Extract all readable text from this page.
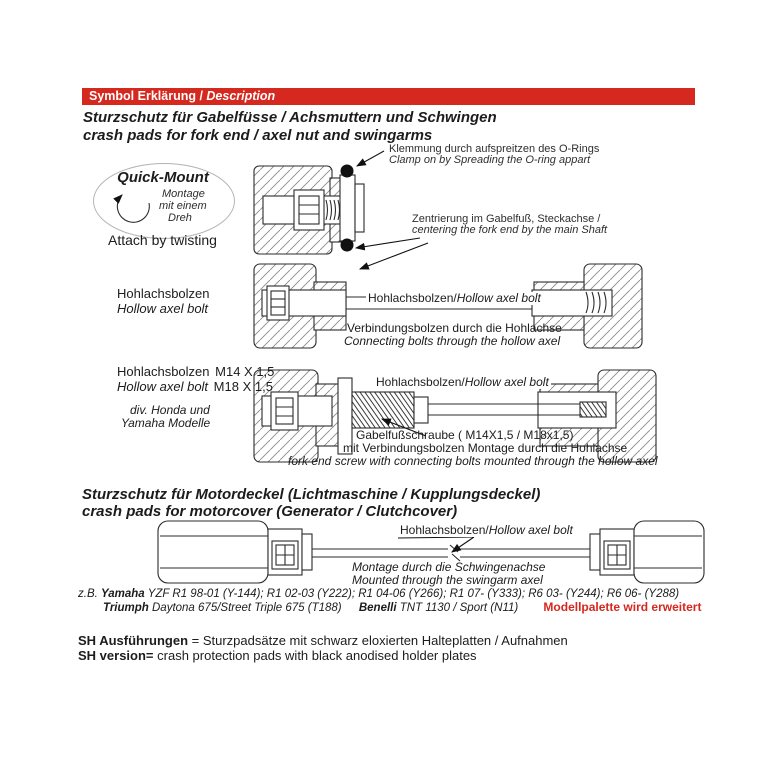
Symbol Erklärung / Description
Sturzschutz für Gabelfüsse / Achsmuttern und Schwingen
crash pads for fork end / axel nut and swingarms
Quick-Mount
Montage
mit einem
Dreh
Attach by twisting
Klemmung durch aufspreitzen des O-Rings
Clamp on by Spreading the O-ring appart
Zentrierung im Gabelfuß, Steckachse /
centering the fork end by the main Shaft
Hohlachsbolzen
Hollow axel bolt
Hohlachsbolzen/Hollow axel bolt
Verbindungsbolzen durch die Hohlachse
Connecting bolts through the hollow axel
Hohlachsbolzen M14 X 1,5
Hollow axel bolt M18 X 1,5
div. Honda und
Yamaha Modelle
Hohlachsbolzen/Hollow axel bolt
Gabelfußschraube ( M14X1,5 / M18x1,5)
mit Verbindungsbolzen Montage durch die Hohlachse
fork end screw with connecting bolts mounted through the hollow axel
Sturzschutz für Motordeckel (Lichtmaschine / Kupplungsdeckel)
crash pads for motorcover (Generator / Clutchcover)
Hohlachsbolzen/Hollow axel bolt
Montage durch die Schwingenachse
Mounted through the swingarm axel
z.B. Yamaha YZF R1 98-01 (Y-144); R1 02-03 (Y222); R1 04-06 (Y266); R1 07- (Y333); R6 03- (Y244); R6 06- (Y288)
Triumph Daytona 675/Street Triple 675 (T188) Benelli TNT 1130 / Sport (N11) Modellpalette wird erweitert
SH Ausführungen = Sturzpadsätze mit schwarz eloxierten Halteplatten / Aufnahmen
SH version= crash protection pads with black anodised holder plates
